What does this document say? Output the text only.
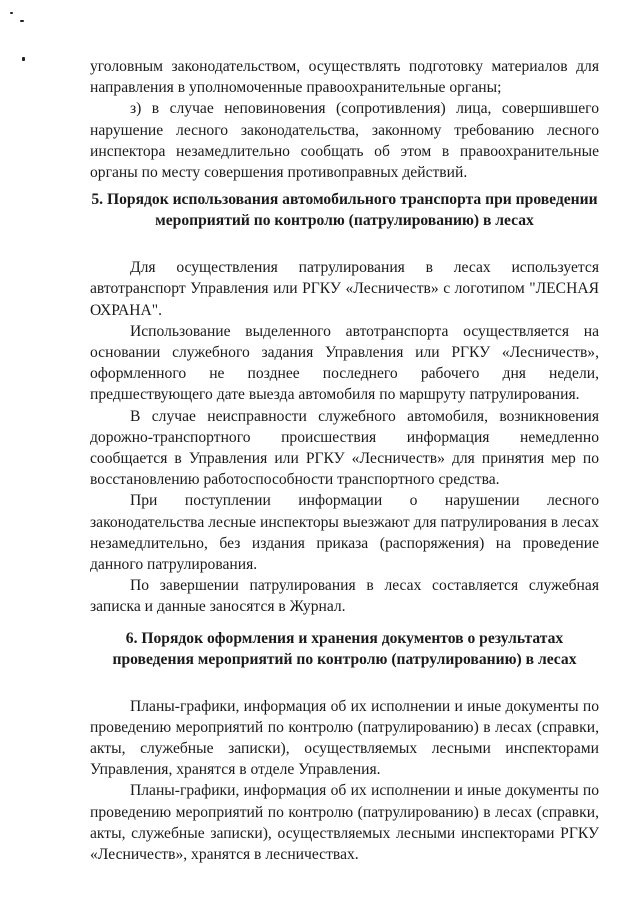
уголовным законодательством, осуществлять подготовку материалов для направления в уполномоченные правоохранительные органы;

з) в случае неповиновения (сопротивления) лица, совершившего нарушение лесного законодательства, законному требованию лесного инспектора незамедлительно сообщать об этом в правоохранительные органы по месту совершения противоправных действий.

5. Порядок использования автомобильного транспорта при проведении мероприятий по контролю (патрулированию) в лесах

Для осуществления патрулирования в лесах используется автотранспорт Управления или РГКУ «Лесничеств» с логотипом "ЛЕСНАЯ ОХРАНА".

Использование выделенного автотранспорта осуществляется на основании служебного задания Управления или РГКУ «Лесничеств», оформленного не позднее последнего рабочего дня недели, предшествующего дате выезда автомобиля по маршруту патрулирования.

В случае неисправности служебного автомобиля, возникновения дорожно-транспортного происшествия информация немедленно сообщается в Управления или РГКУ «Лесничеств» для принятия мер по восстановлению работоспособности транспортного средства.

При поступлении информации о нарушении лесного законодательства лесные инспекторы выезжают для патрулирования в лесах незамедлительно, без издания приказа (распоряжения) на проведение данного патрулирования.

По завершении патрулирования в лесах составляется служебная записка и данные заносятся в Журнал.

6. Порядок оформления и хранения документов о результатах проведения мероприятий по контролю (патрулированию) в лесах

Планы-графики, информация об их исполнении и иные документы по проведению мероприятий по контролю (патрулированию) в лесах (справки, акты, служебные записки), осуществляемых лесными инспекторами Управления, хранятся в отделе Управления.

Планы-графики, информация об их исполнении и иные документы по проведению мероприятий по контролю (патрулированию) в лесах (справки, акты, служебные записки), осуществляемых лесными инспекторами РГКУ «Лесничеств», хранятся в лесничествах.
